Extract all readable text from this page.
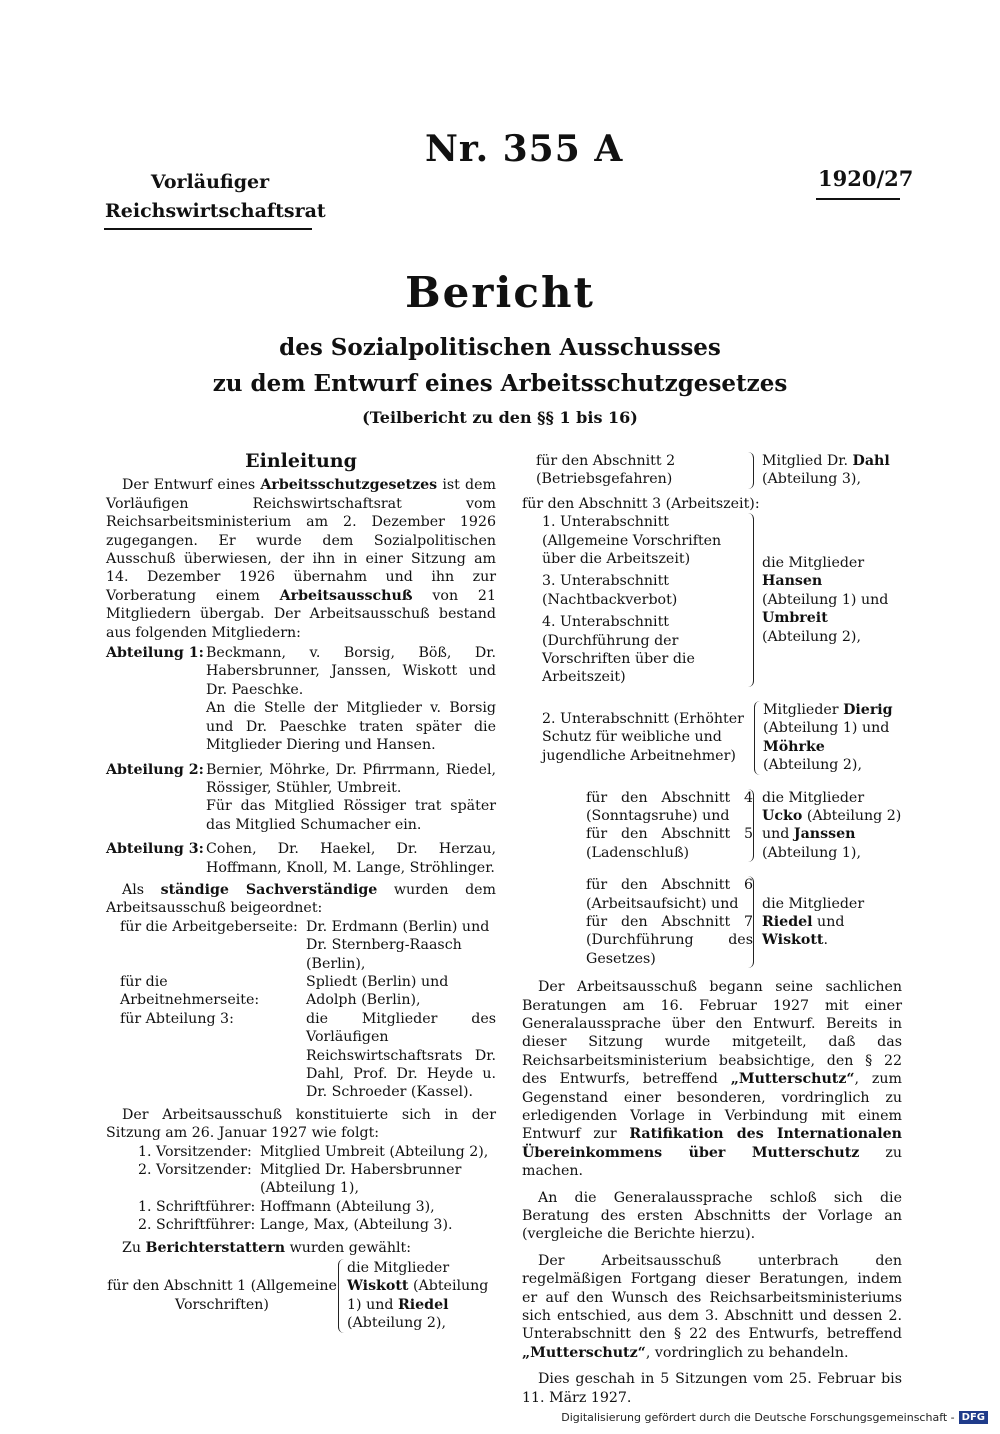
Nr. 355 A
Vorläufiger
Reichswirtschaftsrat
1920/27
Bericht
des Sozialpolitischen Ausschusses
zu dem Entwurf eines Arbeitsschutzgesetzes
(Teilbericht zu den §§ 1 bis 16)
Einleitung

Der Entwurf eines Arbeitsschutzgesetzes ist dem Vorläufigen Reichswirtschaftsrat vom Reichsarbeitsministerium am 2. Dezember 1926 zugegangen. Er wurde dem Sozialpolitischen Ausschuß überwiesen, der ihn in einer Sitzung am 14. Dezember 1926 übernahm und ihn zur Vorberatung einem Arbeitsausschuß von 21 Mitgliedern übergab. Der Arbeitsausschuß bestand aus folgenden Mitgliedern:

Abteilung 1: Beckmann, v. Borsig, Böß, Dr. Habersbrunner, Janssen, Wiskott und Dr. Paeschke.
An die Stelle der Mitglieder v. Borsig und Dr. Paeschke traten später die Mitglieder Diering und Hansen.
Abteilung 2: Bernier, Möhrke, Dr. Pfirrmann, Riedel, Rössiger, Stühler, Umbreit.
Für das Mitglied Rössiger trat später das Mitglied Schumacher ein.
Abteilung 3: Cohen, Dr. Haekel, Dr. Herzau, Hoffmann, Knoll, M. Lange, Ströhlinger.

Als ständige Sachverständige wurden dem Arbeitsausschuß beigeordnet:

für die Arbeitgeberseite: Dr. Erdmann (Berlin) und Dr. Sternberg-Raasch (Berlin),
für die Arbeitnehmerseite:
Spliedt (Berlin) und Adolph (Berlin),
für Abteilung 3:	die Mitglieder des Vorläufigen Reichswirtschaftsrats Dr. Dahl, Prof. Dr. Heyde u. Dr. Schroeder (Kassel).

Der Arbeitsausschuß konstituierte sich in der Sitzung am 26. Januar 1927 wie folgt:

1. Vorsitzender: Mitglied Umbreit (Abteilung 2),
2. Vorsitzender: Mitglied Dr. Habersbrunner (Abteilung 1),
1. Schriftführer: Hoffmann (Abteilung 3),
2. Schriftführer: Lange, Max, (Abteilung 3).

Zu Berichterstattern wurden gewählt:

für den Abschnitt 1 (Allgemeine Vorschriften)
die Mitglieder Wiskott (Abteilung 1) und Riedel (Abteilung 2),
für den Abschnitt 2 (Betriebsgefahren)
Mitglied Dr. Dahl (Abteilung 3),
für den Abschnitt 3 (Arbeitszeit):
1. Unterabschnitt (Allgemeine Vorschriften über die Arbeitszeit)
3. Unterabschnitt (Nachtbackverbot)
4. Unterabschnitt (Durchführung der Vorschriften über die Arbeitszeit)
die Mitglieder Hansen (Abteilung 1) und Umbreit (Abteilung 2),
2. Unterabschnitt (Erhöhter Schutz für weibliche und jugendliche Arbeitnehmer)
Mitglieder Dierig (Abteilung 1) und Möhrke (Abteilung 2),
für den Abschnitt 4 (Sonntagsruhe) und
für den Abschnitt 5 (Ladenschluß)
die Mitglieder Ucko (Abteilung 2) und Janssen (Abteilung 1),
für den Abschnitt 6 (Arbeitsaufsicht) und
für den Abschnitt 7 (Durchführung des Gesetzes)
die Mitglieder Riedel und Wiskott.

Der Arbeitsausschuß begann seine sachlichen Beratungen am 16. Februar 1927 mit einer Generalaussprache über den Entwurf. Bereits in dieser Sitzung wurde mitgeteilt, daß das Reichsarbeitsministerium beabsichtige, den § 22 des Entwurfs, betreffend „Mutterschutz“, zum Gegenstand einer besonderen, vordringlich zu erledigenden Vorlage in Verbindung mit einem Entwurf zur Ratifikation des Internationalen Übereinkommens über Mutterschutz zu machen.

An die Generalaussprache schloß sich die Beratung des ersten Abschnitts der Vorlage an (vergleiche die Berichte hierzu).

Der Arbeitsausschuß unterbrach den regelmäßigen Fortgang dieser Beratungen, indem er auf den Wunsch des Reichsarbeitsministeriums sich entschied, aus dem 3. Abschnitt und dessen 2. Unterabschnitt den § 22 des Entwurfs, betreffend „Mutterschutz“, vordringlich zu behandeln.

Dies geschah in 5 Sitzungen vom 25. Februar bis 11. März 1927.

Digitalisierung gefördert durch die Deutsche Forschungsgemeinschaft - DFG
